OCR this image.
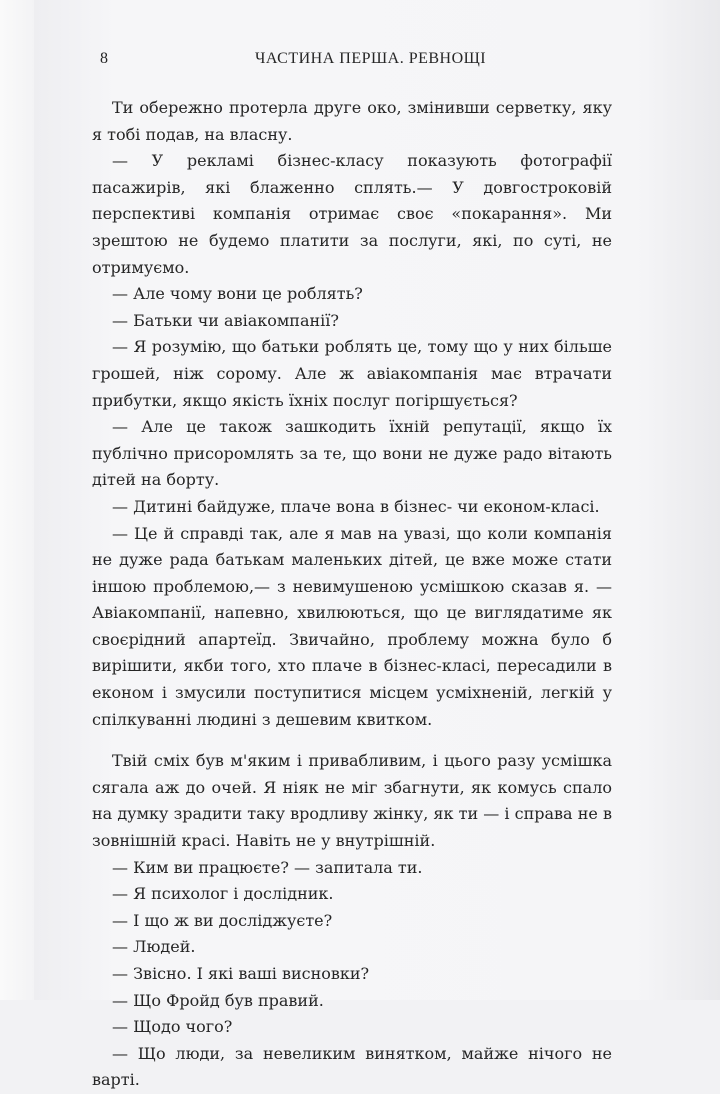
8	ЧАСТИНА ПЕРША. РЕВНОЩІ

Ти обережно протерла друге око, змінивши серветку, яку я тобі подав, на власну.

— У рекламі бізнес-класу показують фотографії пасажирів, які блаженно сплять.— У довгостроковій перспективі компанія отримає своє «покарання». Ми зрештою не будемо платити за послуги, які, по суті, не отримуємо.

— Але чому вони це роблять?

— Батьки чи авіакомпанії?

— Я розумію, що батьки роблять це, тому що у них більше грошей, ніж сорому. Але ж авіакомпанія має втрачати прибутки, якщо якість їхніх послуг погіршується?

— Але це також зашкодить їхній репутації, якщо їх публічно присоромлять за те, що вони не дуже радо вітають дітей на борту.

— Дитині байдуже, плаче вона в бізнес- чи економ-класі.

— Це й справді так, але я мав на увазі, що коли компанія не дуже рада батькам маленьких дітей, це вже може стати іншою проблемою,— з невимушеною усмішкою сказав я. — Авіакомпанії, напевно, хвилюються, що це виглядатиме як своєрідний апартеїд. Звичайно, проблему можна було б вирішити, якби того, хто плаче в бізнес-класі, пересадили в економ і змусили поступитися місцем усміхненій, легкій у спілкуванні людині з дешевим квитком.

Твій сміх був м'яким і привабливим, і цього разу усмішка сягала аж до очей. Я ніяк не міг збагнути, як комусь спало на думку зрадити таку вродливу жінку, як ти — і справа не в зовнішній красі. Навіть не у внутрішній.

— Ким ви працюєте? — запитала ти.

— Я психолог і дослідник.

— І що ж ви досліджуєте?

— Людей.

— Звісно. І які ваші висновки?

— Що Фройд був правий.

— Щодо чого?

— Що люди, за невеликим винятком, майже нічого не варті.
